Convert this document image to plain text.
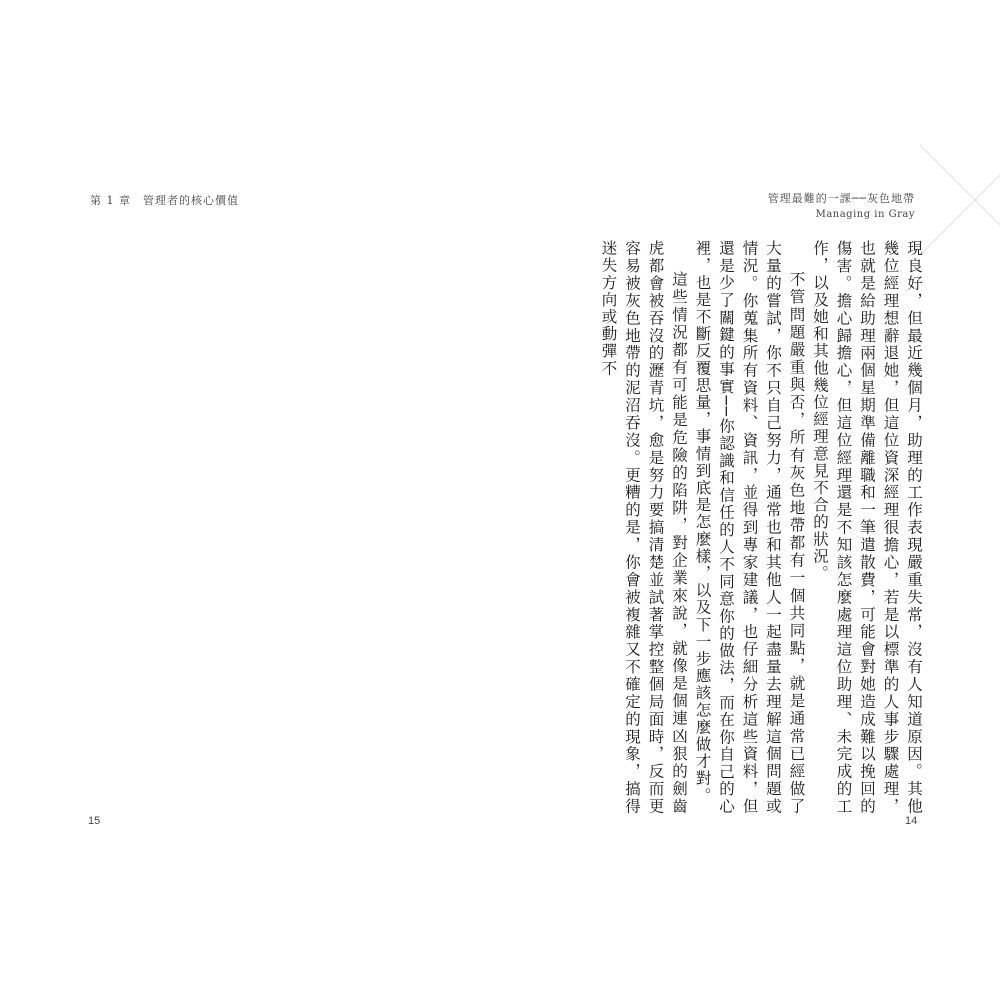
第 1 章　管理者的核心價值

15
管理最難的一課──灰色地帶
Managing in Gray

現良好，但最近幾個月，助理的工作表現嚴重失常，沒有人知道原因。其他幾位經理想辭退她，但這位資深經理很擔心，若是以標準的人事步驟處理，也就是給助理兩個星期準備離職和一筆遣散費，可能會對她造成難以挽回的傷害。擔心歸擔心，但這位經理還是不知該怎麼處理這位助理、未完成的工作，以及她和其他幾位經理意見不合的狀況。

不管問題嚴重與否，所有灰色地帶都有一個共同點，就是通常已經做了大量的嘗試，你不只自己努力，通常也和其他人一起盡量去理解這個問題或情況。你蒐集所有資料、資訊，並得到專家建議，也仔細分析這些資料，但還是少了關鍵的事實──你認識和信任的人不同意你的做法，而在你自己的心裡，也是不斷反覆思量，事情到底是怎麼樣，以及下一步應該怎麼做才對。

這些情況都有可能是危險的陷阱，對企業來說，就像是個連凶狠的劍齒虎都會被吞沒的瀝青坑，愈是努力要搞清楚並試著掌控整個局面時，反而更容易被灰色地帶的泥沼吞沒。更糟的是，你會被複雜又不確定的現象，搞得迷失方向或動彈不

14
